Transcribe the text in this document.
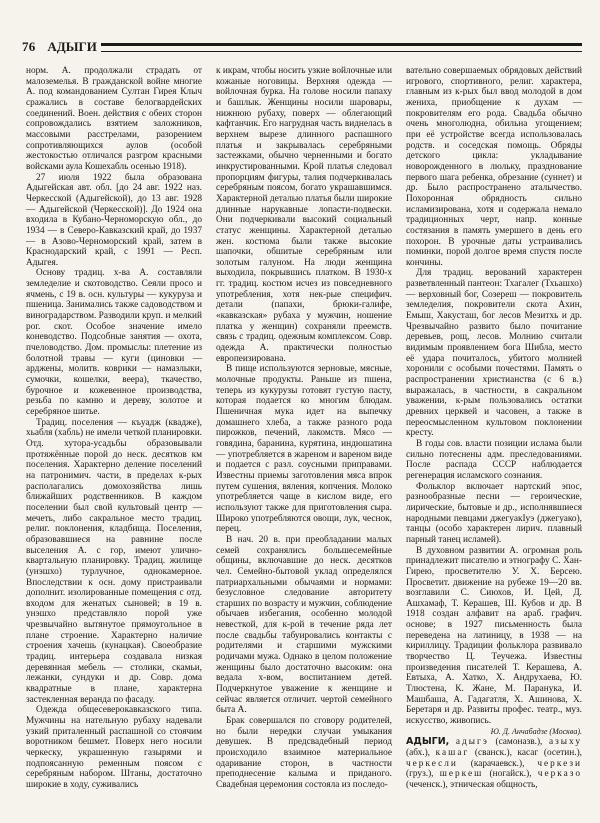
76 АДЫГИ

норм. А. продолжали страдать от малоземелья. В гражданской войне многие А. под командованием Султан Гирея Клыч сражались в составе белогвардейских соединений. Воен. действия с обеих сторон сопровождались взятием заложников, массовыми расстрелами, разорением сопротивляющихся аулов (особой жестокостью отличался разгром красными войсками аула Кошехабль осенью 1918).

27 июля 1922 была образована Адыгейская авт. обл. [до 24 авг. 1922 наз. Черкесской (Адыгейской), до 13 авг. 1928 — Адыгейской (Черкесской)]. До 1924 она входила в Кубано-Черноморскую обл., до 1934 — в Северо-Кавказский край, до 1937 — в Азово-Черноморский край, затем в Краснодарский край, с 1991 — Респ. Адыгея.

Основу традиц. х-ва А. составляли земледелие и скотоводство. Сеяли просо и ячмень, с 19 в. осн. культуры — кукуруза и пшеница. Занимались также садоводством и виноградарством. Разводили круп. и мелкий рог. скот. Особое значение имело коневодство. Подсобные занятия — охота, пчеловодство. Дом. промыслы: плетение из болотной травы — куги (циновки — арджены, молитв. коврики — намазлыки, сумочки, кошелки, веера), ткачество, бурочное и кожевенное производства, резьба по камню и дереву, золотое и серебряное шитье.

Традиц. поселения — къуадж (квадже), хьабля (хабль) не имели четкой планировки. Отд. хутора-усадьбы образовывали протяжённые порой до неск. десятков км поселения. Характерно деление поселений на патронимич. части, в пределах к-рых располагались домохозяйства лишь ближайших родственников. В каждом поселении был свой культовый центр — мечеть, либо сакральное место традиц. религ. поклонения, кладбища. Поселения, образовавшиеся на равнине после выселения А. с гор, имеют улично-квартальную планировку. Традиц. жилище (унэшхо) турлучное, однокамерное. Впоследствии к осн. дому пристраивали дополнит. изолированные помещения с отд. входом для женатых сыновей; в 19 в. унэшхо представляло порой уже чрезвычайно вытянутое прямоугольное в плане строение. Характерно наличие строения хачешь (кунацкая). Своеобразие традиц. интерьера создавала низкая деревянная мебель — столики, скамьи, лежанки, сундуки и др. Совр. дома квадратные в плане, характерна застекленная веранда по фасаду.

Одежда общесеверокавказского типа. Мужчины на нательную рубаху надевали узкий приталенный распашной со стоячим воротником бешмет. Поверх него носили черкеску, украшенную газырями и подпоясанную ременным поясом с серебряным набором. Штаны, достаточно широкие в ходу, суживались

к икрам, чтобы носить узкие войлочные или кожаные ноговицы. Верхняя одежда — войлочная бурка. На голове носили папаху и башлык. Женщины носили шаровары, нижнюю рубаху, поверх — облегающий кафтанчик. Его нагрудная часть виднелась в верхнем вырезе длинного распашного платья и закрывалась серебряными застежками, обычно черненными и богато инкрустированными. Крой платья следовал пропорциям фигуры, талия подчеркивалась серебряным поясом, богато украшавшимся. Характерной деталью платья были широкие длинные нарукавные лопасти-подвески. Они подчеркивали высокий социальный статус женщины. Характерной деталью жен. костюма были также высокие шапочки, обшитые серебряным или золотым галуном. На люди женщина выходила, покрывшись платком. В 1930-х гг. традиц. костюм исчез из повседневного употребления, хотя нек-рые специфич. детали (папахи, брюки-галифе, «кавказская» рубаха у мужчин, ношение платка у женщин) сохраняли преемств. связь с традиц. одежным комплексом. Совр. одежда А. практически полностью европеизирована.

В пище используются зерновые, мясные, молочные продукты. Раньше из пшена, теперь из кукурузы готовят густую пасту, которая подается ко многим блюдам. Пшеничная мука идет на выпечку домашнего хлеба, а также разного рода пирожков, печений, лакомств. Мясо — говядина, баранина, курятина, индюшатина — употребляется в жареном и вареном виде и подается с разл. соусными приправами. Известны приемы заготовления мяса впрок путем сушения, вяления, копчения. Молоко употребляется чаще в кислом виде, его используют также для приготовления сыра. Широко употребляются овощи, лук, чеснок, перец.

В нач. 20 в. при преобладании малых семей сохранялись большесемейные общины, включавшие до неск. десятков чел. Семейно-бытовой уклад определялся патриархальными обычаями и нормами: безусловное следование авторитету старших по возрасту и мужчин, соблюдение обычаев избегания, особенно молодой невесткой, для к-рой в течение ряда лет после свадьбы табуировались контакты с родителями и старшими мужскими родичами мужа. Однако в целом положение женщины было достаточно высоким: она ведала х-вом, воспитанием детей. Подчеркнутое уважение к женщине и сейчас является отличит. чертой семейного быта А.

Брак совершался по сговору родителей, но были нередки случаи умыкания девушек. В предсвадебный период происходило взаимное материальное одаривание сторон, в частности преподнесение калыма и приданого. Свадебная церемония состояла из последо-

вательно совершаемых обрядовых действий игрового, спортивного, религ. характера, главным из к-рых был ввод молодой в дом жениха, приобщение к духам — покровителям его рода. Свадьба обычно очень многолюдна, обильна угощением; при её устройстве всегда использовалась родств. и соседская помощь. Обряды детского цикла: укладывание новорожденного в люльку, празднование первого шага ребенка, обрезание (суннет) и др. Было распространено аталычество. Похоронная обрядность сильно исламизирована, хотя и содержала немало традиционных черт, напр. конные состязания в память умершего в день его похорон. В урочные даты устраивались поминки, порой долгое время спустя после кончины.

Для традиц. верований характерен разветвленный пантеон: Тхагалег (Тхьашхо) — верховный бог, Созереш — покровитель земледелия, покровители скота Ахин, Емыш, Хакусташ, бог лесов Мезитхь и др. Чрезвычайно развито было почитание деревьев, рощ, лесов. Молнию считали видимым проявлением бога Шибла, место её удара почиталось, убитого молнией хоронили с особыми почестями. Память о распространении христианства (с 6 в.) выражалась, в частности, в сакральном уважении, к-рым пользовались остатки древних церквей и часовен, а также в переосмысленном культовом поклонении кресту.

В годы сов. власти позиции ислама были сильно потеснены адм. преследованиями. После распада СССР наблюдается регенерация исламского сознания.

Фольклор включает нартский эпос, разнообразные песни — героические, лирические, бытовые и др., исполнявшиеся народными певцами джегуакIуэ (джегуако), танцы (особо характерен лирич. плавный парный танец исламей).

В духовном развитии А. огромная роль принадлежит писателю и этнографу С. Хан-Гирею, просветителю У. Х. Берсею. Просветит. движение на рубеже 19—20 вв. возглавили С. Сиюхов, И. Цей, Д. Ашхамаф, Т. Керашев, Ш. Кубов и др. В 1918 создан алфавит на араб. графич. основе; в 1927 письменность была переведена на латиницу, в 1938 — на кириллицу. Традиции фольклора развивало творчество Ц. Теучежа. Известны произведения писателей Т. Керашева, А. Евтыха, А. Хатко, Х. Андрухаева, Ю. Тлюстена, К. Жане, М. Паранука, И. Машбаша, А. Гадагатля, Х. Ашинова, Х. Беретаря и др. Развиты профес. театр., муз. искусство, живопись.

Ю. Д. Анчабадзе (Москва).

АДЫГИ, адыгэ (самоназв.), азыху (абх.), кашаг (сванск.), касаг (осетин.), черкесли (карачаевск.), черкези (груз.), шеркеш (ногайск.), черказо (чеченск.), этническая общность,
